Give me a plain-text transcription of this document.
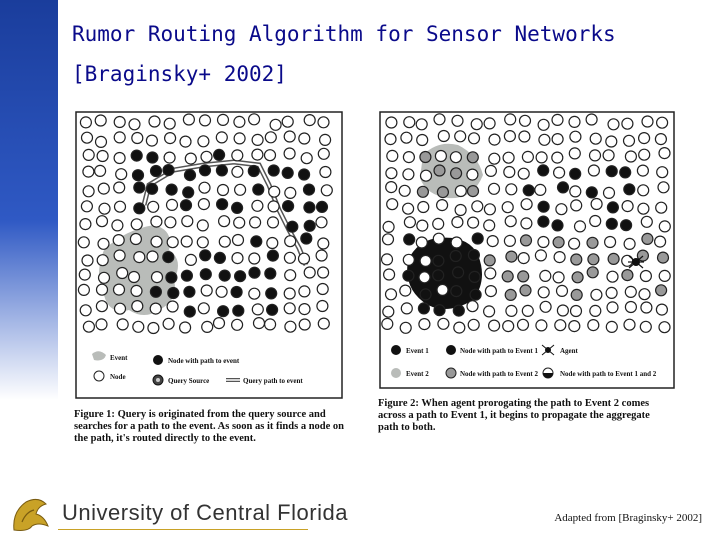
Rumor Routing Algorithm for Sensor Networks
[Braginsky+ 2002]
Event
Node
Node with path to event
Query Source	Query path to event
Figure 1: Query is originated from the query source and
searches for a path to the event. As soon as it finds a node on
the path, it's routed directly to the event.
Event 1
Event 2
Node with path to Event 1
Node with path to Event 2
Agent
Node with path to Event 1 and 2
Figure 2: When agent prorogating the path to Event 2 comes
across a path to Event 1, it begins to propagate the aggregate
path to both.
University of Central Florida	Adapted from [Braginsky+ 2002]
